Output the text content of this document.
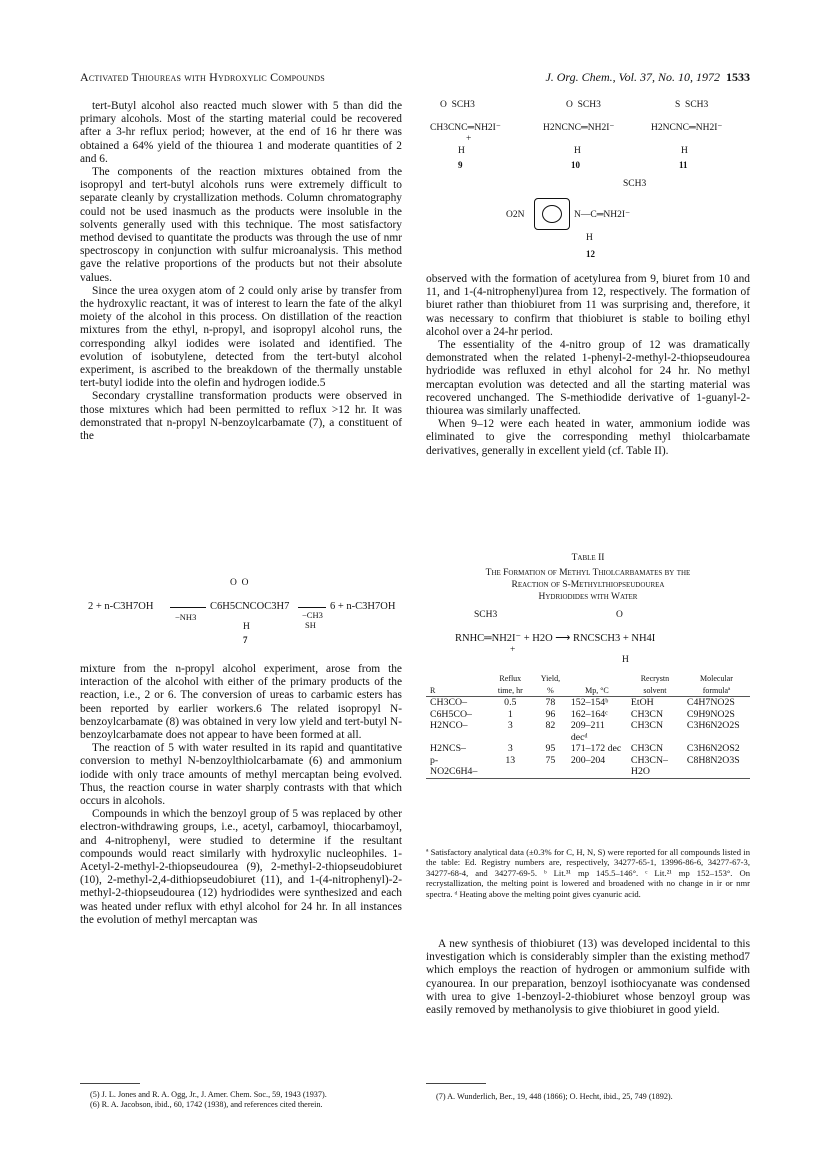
Activated Thioureas with Hydroxylic Compounds	J. Org. Chem., Vol. 37, No. 10, 1972 1533

tert-Butyl alcohol also reacted much slower with 5 than did the primary alcohols. Most of the starting material could be recovered after a 3-hr reflux period; however, at the end of 16 hr there was obtained a 64% yield of the thiourea 1 and moderate quantities of 2 and 6.

The components of the reaction mixtures obtained from the isopropyl and tert-butyl alcohols runs were extremely difficult to separate cleanly by crystallization methods. Column chromatography could not be used inasmuch as the products were insoluble in the solvents generally used with this technique. The most satisfactory method devised to quantitate the products was through the use of nmr spectroscopy in conjunction with sulfur microanalysis. This method gave the relative proportions of the products but not their absolute values.

Since the urea oxygen atom of 2 could only arise by transfer from the hydroxylic reactant, it was of interest to learn the fate of the alkyl moiety of the alcohol in this process. On distillation of the reaction mixtures from the ethyl, n-propyl, and isopropyl alcohol runs, the corresponding alkyl iodides were isolated and identified. The evolution of isobutylene, detected from the tert-butyl alcohol experiment, is ascribed to the breakdown of the thermally unstable tert-butyl iodide into the olefin and hydrogen iodide.5

Secondary crystalline transformation products were observed in those mixtures which had been permitted to reflux >12 hr. It was demonstrated that n-propyl N-benzoylcarbamate (7), a constituent of the

O  O
2 + n-C3H7OH
−NH3
C6H5CNCOC3H7
H
7
−CH3
SH
6 + n-C3H7OH

mixture from the n-propyl alcohol experiment, arose from the interaction of the alcohol with either of the primary products of the reaction, i.e., 2 or 6. The conversion of ureas to carbamic esters has been reported by earlier workers.6 The related isopropyl N-benzoylcarbamate (8) was obtained in very low yield and tert-butyl N-benzoylcarbamate does not appear to have been formed at all.

The reaction of 5 with water resulted in its rapid and quantitative conversion to methyl N-benzoylthiolcarbamate (6) and ammonium iodide with only trace amounts of methyl mercaptan being evolved. Thus, the reaction course in water sharply contrasts with that which occurs in alcohols.

Compounds in which the benzoyl group of 5 was replaced by other electron-withdrawing groups, i.e., acetyl, carbamoyl, thiocarbamoyl, and 4-nitrophenyl, were studied to determine if the resultant compounds would react similarly with hydroxylic nucleophiles. 1-Acetyl-2-methyl-2-thiopseudourea (9), 2-methyl-2-thiopseudobiuret (10), 2-methyl-2,4-dithiopseudobiuret (11), and 1-(4-nitrophenyl)-2-methyl-2-thiopseudourea (12) hydriodides were synthesized and each was heated under reflux with ethyl alcohol for 24 hr. In all instances the evolution of methyl mercaptan was

(5) J. L. Jones and R. A. Ogg, Jr., J. Amer. Chem. Soc., 59, 1943 (1937).
(6) R. A. Jacobson, ibid., 60, 1742 (1938), and references cited therein.
O  SCH3
CH3CNC═NH2I⁻
+
H
9
O  SCH3
H2NCNC═NH2I⁻
H
10
S  SCH3
H2NCNC═NH2I⁻
H
11
SCH3
O2N	N—C═NH2I⁻
H
12

observed with the formation of acetylurea from 9, biuret from 10 and 11, and 1-(4-nitrophenyl)urea from 12, respectively. The formation of biuret rather than thiobiuret from 11 was surprising and, therefore, it was necessary to confirm that thiobiuret is stable to boiling ethyl alcohol over a 24-hr period.

The essentiality of the 4-nitro group of 12 was dramatically demonstrated when the related 1-phenyl-2-methyl-2-thiopseudourea hydriodide was refluxed in ethyl alcohol for 24 hr. No methyl mercaptan evolution was detected and all the starting material was recovered unchanged. The S-methiodide derivative of 1-guanyl-2-thiourea was similarly unaffected.

When 9–12 were each heated in water, ammonium iodide was eliminated to give the corresponding methyl thiolcarbamate derivatives, generally in excellent yield (cf. Table II).

Table II
The Formation of Methyl Thiolcarbamates by the
Reaction of S-Methylthiopseudourea
Hydriodides with Water
SCH3	O
RNHC═NH2I⁻ + H2O ⟶ RNCSCH3 + NH4I
+
H
R	Reflux time, hr	Yield, %	Mp, °C	Recrystn solvent	Molecular formulaª
CH3CO–	0.5	78	152–154ᵇ	EtOH	C4H7NO2S
C6H5CO–	1	96	162–164ᶜ	CH3CN	C9H9NO2S
H2NCO–	3	82	209–211 decᵈ	CH3CN	C3H6N2O2S
H2NCS–	3	95	171–172 dec	CH3CN	C3H6N2OS2
p-NO2C6H4–	13	75	200–204	CH3CN–H2O	C8H8N2O3S
ª Satisfactory analytical data (±0.3% for C, H, N, S) were reported for all compounds listed in the table: Ed. Registry numbers are, respectively, 34277-65-1, 13996-86-6, 34277-67-3, 34277-68-4, and 34277-69-5. ᵇ Lit.³¹ mp 145.5–146°. ᶜ Lit.²¹ mp 152–153°. On recrystallization, the melting point is lowered and broadened with no change in ir or nmr spectra. ᵈ Heating above the melting point gives cyanuric acid.

A new synthesis of thiobiuret (13) was developed incidental to this investigation which is considerably simpler than the existing method7 which employs the reaction of hydrogen or ammonium sulfide with cyanourea. In our preparation, benzoyl isothiocyanate was condensed with urea to give 1-benzoyl-2-thiobiuret whose benzoyl group was easily removed by methanolysis to give thiobiuret in good yield.

(7) A. Wunderlich, Ber., 19, 448 (1866); O. Hecht, ibid., 25, 749 (1892).
